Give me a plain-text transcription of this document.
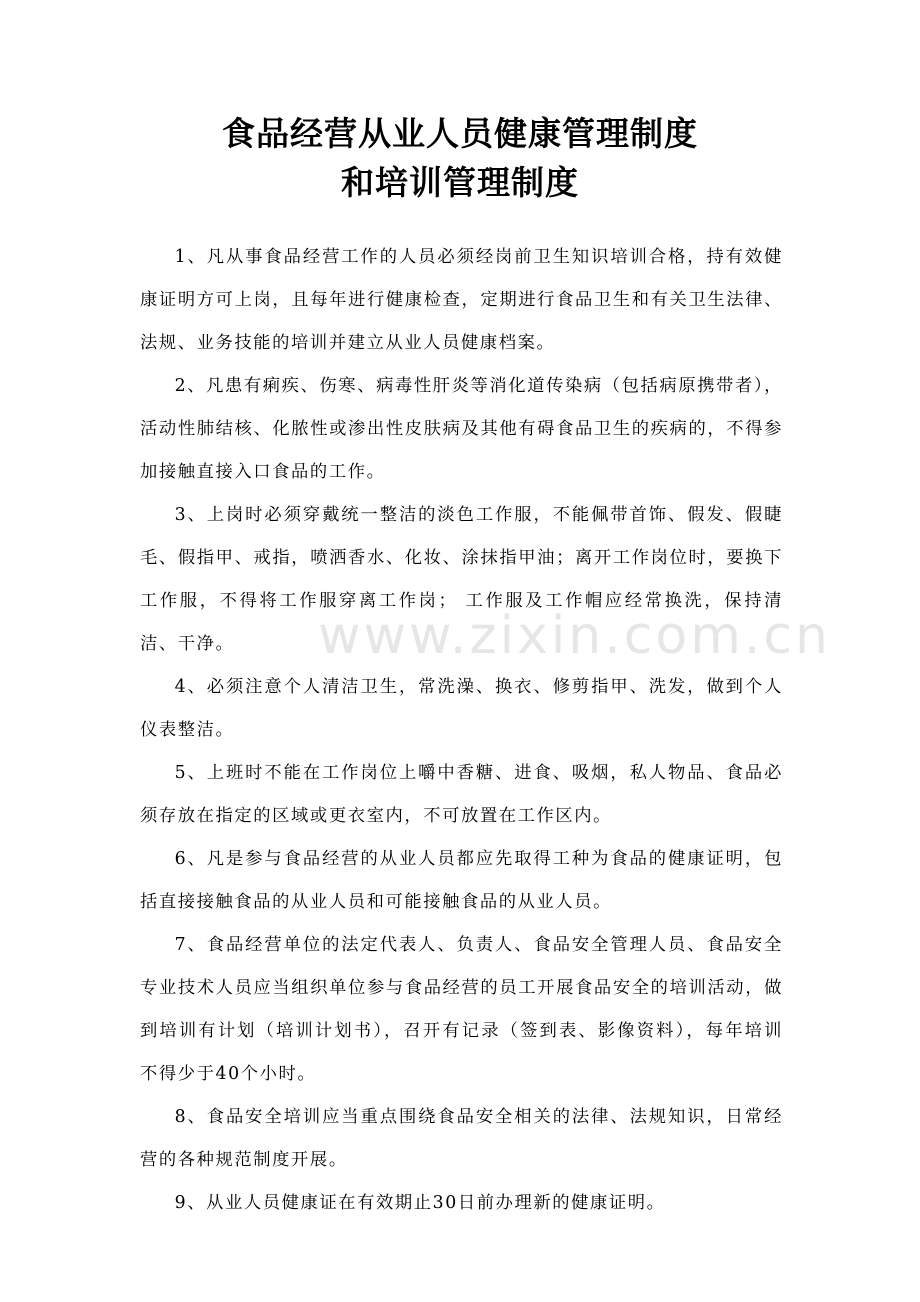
食品经营从业人员健康管理制度
和培训管理制度

1、凡从事食品经营工作的人员必须经岗前卫生知识培训合格，持有效健康证明方可上岗，且每年进行健康检查，定期进行食品卫生和有关卫生法律、法规、业务技能的培训并建立从业人员健康档案。

2、凡患有痢疾、伤寒、病毒性肝炎等消化道传染病（包括病原携带者），活动性肺结核、化脓性或渗出性皮肤病及其他有碍食品卫生的疾病的，不得参加接触直接入口食品的工作。

3、上岗时必须穿戴统一整洁的淡色工作服，不能佩带首饰、假发、假睫毛、假指甲、戒指，喷洒香水、化妆、涂抹指甲油；离开工作岗位时，要换下工作服，不得将工作服穿离工作岗； 工作服及工作帽应经常换洗，保持清洁、干净。

4、必须注意个人清洁卫生，常洗澡、换衣、修剪指甲、洗发，做到个人仪表整洁。

5、上班时不能在工作岗位上嚼中香糖、进食、吸烟，私人物品、食品必须存放在指定的区域或更衣室内，不可放置在工作区内。

6、凡是参与食品经营的从业人员都应先取得工种为食品的健康证明，包括直接接触食品的从业人员和可能接触食品的从业人员。

7、食品经营单位的法定代表人、负责人、食品安全管理人员、食品安全专业技术人员应当组织单位参与食品经营的员工开展食品安全的培训活动，做到培训有计划（培训计划书），召开有记录（签到表、影像资料），每年培训不得少于40个小时。

8、食品安全培训应当重点围绕食品安全相关的法律、法规知识，日常经营的各种规范制度开展。

9、从业人员健康证在有效期止30日前办理新的健康证明。

www.zixin.com.cn
